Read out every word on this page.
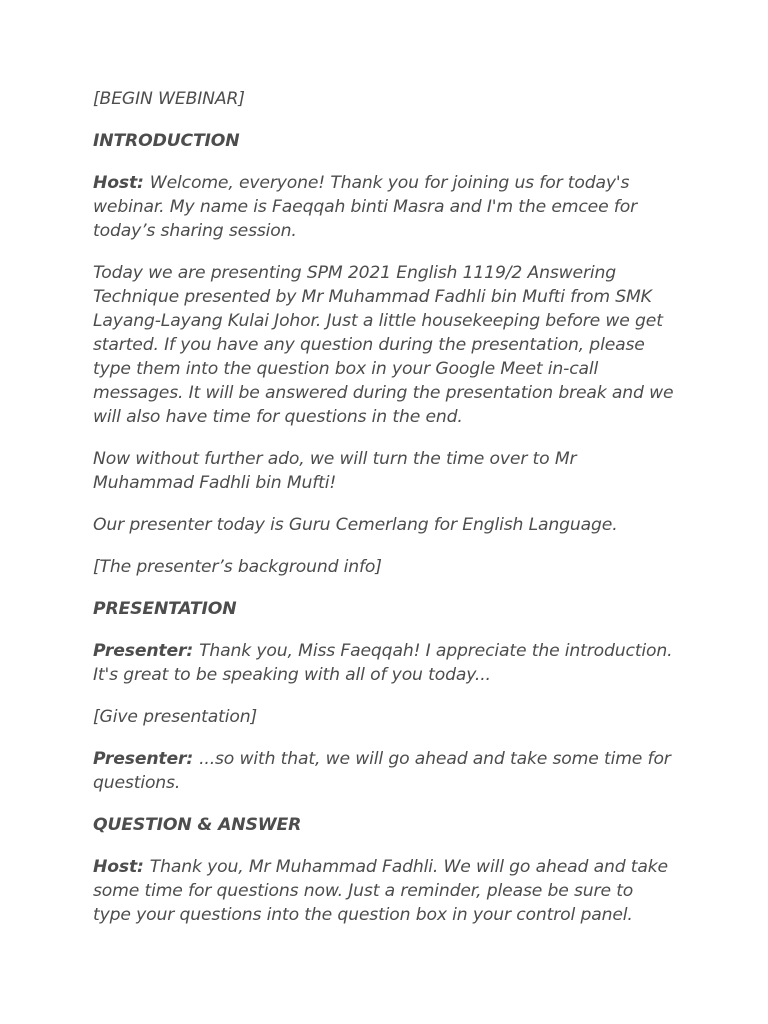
[BEGIN WEBINAR]

INTRODUCTION

Host: Welcome, everyone! Thank you for joining us for today's webinar. My name is Faeqqah binti Masra and I'm the emcee for today’s sharing session.

Today we are presenting SPM 2021 English 1119/2 Answering Technique presented by Mr Muhammad Fadhli bin Mufti from SMK Layang-Layang Kulai Johor. Just a little housekeeping before we get started. If you have any question during the presentation, please type them into the question box in your Google Meet in-call messages. It will be answered during the presentation break and we will also have time for questions in the end.

Now without further ado, we will turn the time over to Mr Muhammad Fadhli bin Mufti!

Our presenter today is Guru Cemerlang for English Language.

[The presenter’s background info]

PRESENTATION

Presenter: Thank you, Miss Faeqqah! I appreciate the introduction. It's great to be speaking with all of you today...

[Give presentation]

Presenter: ...so with that, we will go ahead and take some time for questions.

QUESTION & ANSWER

Host: Thank you, Mr Muhammad Fadhli. We will go ahead and take some time for questions now. Just a reminder, please be sure to type your questions into the question box in your control panel.
